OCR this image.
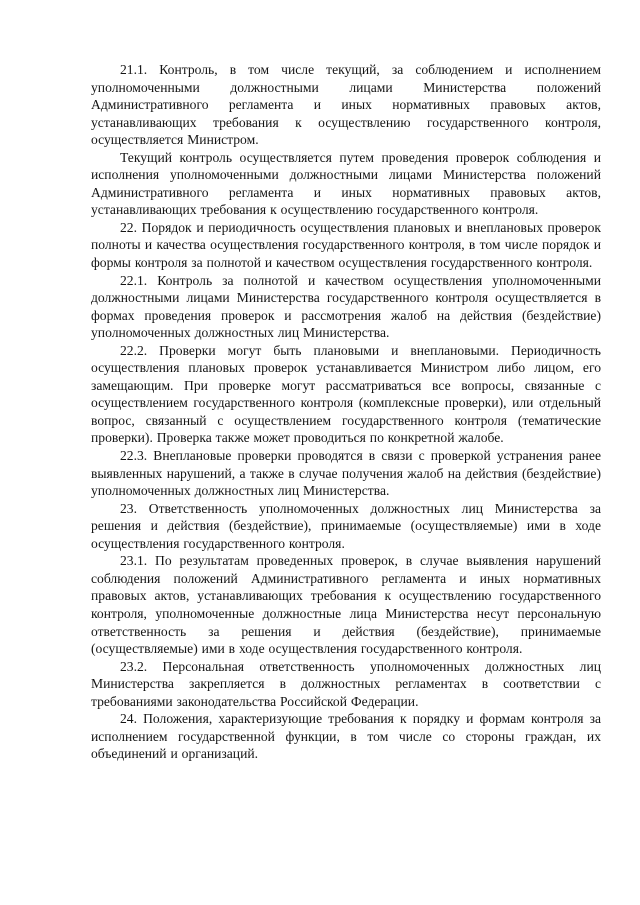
21.1. Контроль, в том числе текущий, за соблюдением и исполнением уполномоченными должностными лицами Министерства положений Административного регламента и иных нормативных правовых актов, устанавливающих требования к осуществлению государственного контроля, осуществляется Министром.

Текущий контроль осуществляется путем проведения проверок соблюдения и исполнения уполномоченными должностными лицами Министерства положений Административного регламента и иных нормативных правовых актов, устанавливающих требования к осуществлению государственного контроля.

22. Порядок и периодичность осуществления плановых и внеплановых проверок полноты и качества осуществления государственного контроля, в том числе порядок и формы контроля за полнотой и качеством осуществления государственного контроля.

22.1. Контроль за полнотой и качеством осуществления уполномоченными должностными лицами Министерства государственного контроля осуществляется в формах проведения проверок и рассмотрения жалоб на действия (бездействие) уполномоченных должностных лиц Министерства.

22.2. Проверки могут быть плановыми и внеплановыми. Периодичность осуществления плановых проверок устанавливается Министром либо лицом, его замещающим. При проверке могут рассматриваться все вопросы, связанные с осуществлением государственного контроля (комплексные проверки), или отдельный вопрос, связанный с осуществлением государственного контроля (тематические проверки). Проверка также может проводиться по конкретной жалобе.

22.3. Внеплановые проверки проводятся в связи с проверкой устранения ранее выявленных нарушений, а также в случае получения жалоб на действия (бездействие) уполномоченных должностных лиц Министерства.

23. Ответственность уполномоченных должностных лиц Министерства за решения и действия (бездействие), принимаемые (осуществляемые) ими в ходе осуществления государственного контроля.

23.1. По результатам проведенных проверок, в случае выявления нарушений соблюдения положений Административного регламента и иных нормативных правовых актов, устанавливающих требования к осуществлению государственного контроля, уполномоченные должностные лица Министерства несут персональную ответственность за решения и действия (бездействие), принимаемые (осуществляемые) ими в ходе осуществления государственного контроля.

23.2. Персональная ответственность уполномоченных должностных лиц Министерства закрепляется в должностных регламентах в соответствии с требованиями законодательства Российской Федерации.

24. Положения, характеризующие требования к порядку и формам контроля за исполнением государственной функции, в том числе со стороны граждан, их объединений и организаций.
